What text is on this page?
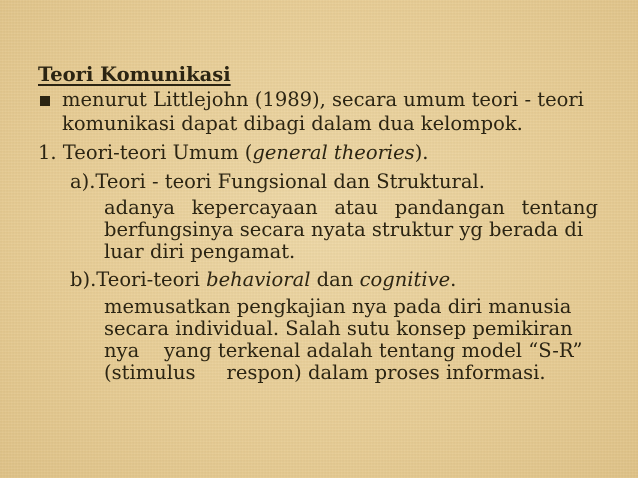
Teori Komunikasi
menurut Littlejohn (1989), secara umum teori - teori
komunikasi dapat dibagi dalam dua kelompok.
1. Teori-teori Umum (general theories).
a).Teori - teori Fungsional dan Struktural.
adanya kepercayaan atau pandangan tentang
berfungsinya secara nyata struktur yg berada di
luar diri pengamat.
b).Teori-teori behavioral dan cognitive.
memusatkan pengkajian nya pada diri manusia
secara individual. Salah sutu konsep pemikiran
nya    yang terkenal adalah tentang model “S-R”
(stimulus     respon) dalam proses informasi.
